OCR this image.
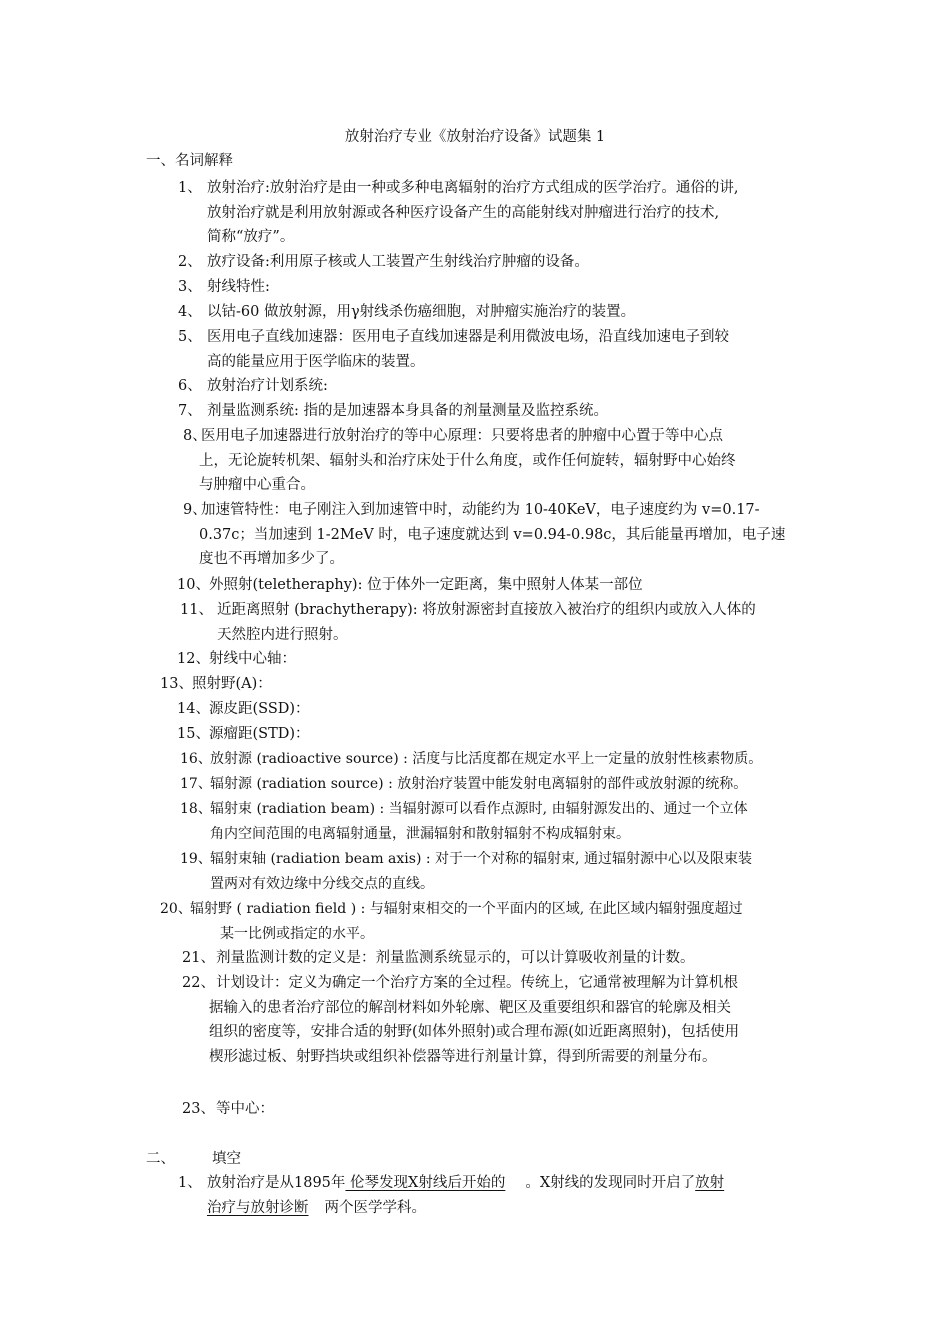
放射治疗专业《放射治疗设备》试题集 1
一、名词解释
1、 放射治疗:放射治疗是由一种或多种电离辐射的治疗方式组成的医学治疗。通俗的讲,
放射治疗就是利用放射源或各种医疗设备产生的高能射线对肿瘤进行治疗的技术,
简称“放疗”。
2、 放疗设备:利用原子核或人工装置产生射线治疗肿瘤的设备。
3、 射线特性:
4、 以钴-60 做放射源，用γ射线杀伤癌细胞，对肿瘤实施治疗的装置。
5、 医用电子直线加速器：医用电子直线加速器是利用微波电场，沿直线加速电子到较
高的能量应用于医学临床的装置。
6、 放射治疗计划系统:
7、 剂量监测系统: 指的是加速器本身具备的剂量测量及监控系统。
8、医用电子加速器进行放射治疗的等中心原理：只要将患者的肿瘤中心置于等中心点
上，无论旋转机架、辐射头和治疗床处于什么角度，或作任何旋转，辐射野中心始终
与肿瘤中心重合。
9、加速管特性：电子刚注入到加速管中时，动能约为 10-40KeV，电子速度约为 v=0.17-
0.37c；当加速到 1-2MeV 时，电子速度就达到 v=0.94-0.98c，其后能量再增加，电子速
度也不再增加多少了。
10、外照射(teletheraphy): 位于体外一定距离，集中照射人体某一部位
11、 近距离照射 (brachytherapy): 将放射源密封直接放入被治疗的组织内或放入人体的
天然腔内进行照射。
12、射线中心轴：
13、照射野(A)：
14、源皮距(SSD)：
15、源瘤距(STD)：
16、放射源 (radioactive source) : 活度与比活度都在规定水平上一定量的放射性核素物质。
17、辐射源 (radiation source) : 放射治疗装置中能发射电离辐射的部件或放射源的统称。
18、辐射束 (radiation beam) : 当辐射源可以看作点源时, 由辐射源发出的、通过一个立体
角内空间范围的电离辐射通量，泄漏辐射和散射辐射不构成辐射束。
19、辐射束轴 (radiation beam axis) : 对于一个对称的辐射束, 通过辐射源中心以及限束装
置两对有效边缘中分线交点的直线。
20、辐射野 ( radiation field ) : 与辐射束相交的一个平面内的区域, 在此区域内辐射强度超过
某一比例或指定的水平。
21、剂量监测计数的定义是：剂量监测系统显示的，可以计算吸收剂量的计数。
22、计划设计：定义为确定一个治疗方案的全过程。传统上，它通常被理解为计算机根
据输入的患者治疗部位的解剖材料如外轮廓、靶区及重要组织和器官的轮廓及相关
组织的密度等，安排合适的射野(如体外照射)或合理布源(如近距离照射)，包括使用
楔形滤过板、射野挡块或组织补偿器等进行剂量计算，得到所需要的剂量分布。
23、等中心：
二、	填空
1、 放射治疗是从1895年 伦琴发现X射线后开始的 。X射线的发现同时开启了放射
治疗与放射诊断 两个医学学科。
